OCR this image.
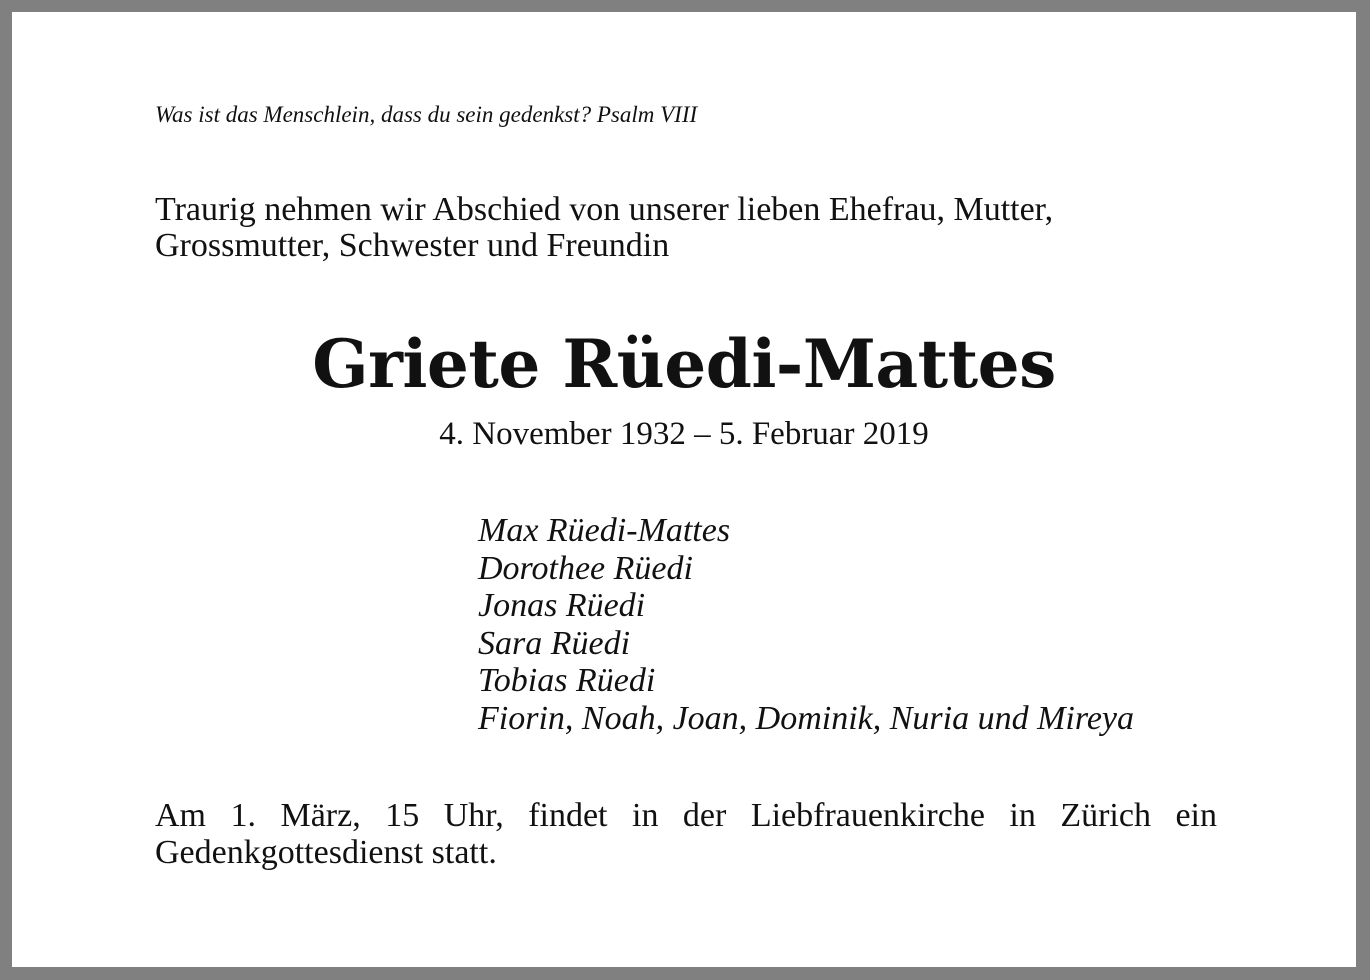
Was ist das Menschlein, dass du sein gedenkst? Psalm VIII
Traurig nehmen wir Abschied von unserer lieben Ehefrau, Mutter,
Grossmutter, Schwester und Freundin
Griete Rüedi-Mattes
4. November 1932 – 5. Februar 2019
Max Rüedi-Mattes
Dorothee Rüedi
Jonas Rüedi
Sara Rüedi
Tobias Rüedi
Fiorin, Noah, Joan, Dominik, Nuria und Mireya
Am 1. März, 15 Uhr, findet in der Liebfrauenkirche in Zürich ein
Gedenkgottesdienst statt.
